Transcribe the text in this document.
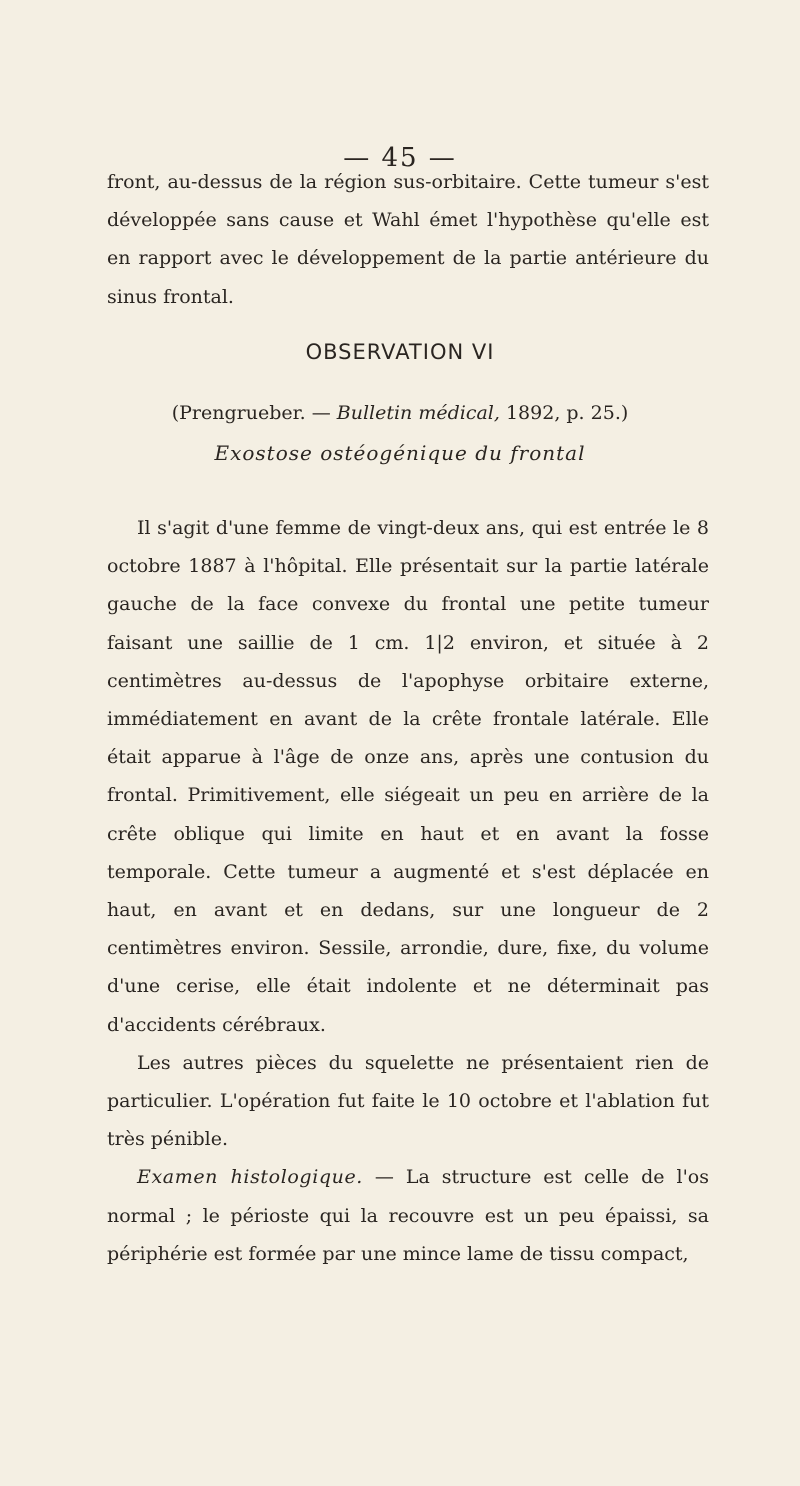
— 45 —

front, au-dessus de la région sus-orbitaire. Cette tumeur s'est développée sans cause et Wahl émet l'hypothèse qu'elle est en rapport avec le développement de la partie antérieure du sinus frontal.

OBSERVATION VI
(Prengrueber. — Bulletin médical, 1892, p. 25.)
Exostose ostéogénique du frontal

Il s'agit d'une femme de vingt-deux ans, qui est entrée le 8 octobre 1887 à l'hôpital. Elle présentait sur la partie latérale gauche de la face convexe du frontal une petite tumeur faisant une saillie de 1 cm. 1|2 environ, et située à 2 centimètres au-dessus de l'apophyse orbitaire externe, immédiatement en avant de la crête frontale latérale. Elle était apparue à l'âge de onze ans, après une contusion du frontal. Primitivement, elle siégeait un peu en arrière de la crête oblique qui limite en haut et en avant la fosse temporale. Cette tumeur a augmenté et s'est déplacée en haut, en avant et en dedans, sur une longueur de 2 centimètres environ. Sessile, arrondie, dure, fixe, du volume d'une cerise, elle était indolente et ne déterminait pas d'accidents cérébraux.

Les autres pièces du squelette ne présentaient rien de particulier. L'opération fut faite le 10 octobre et l'ablation fut très pénible.

Examen histologique. — La structure est celle de l'os normal ; le périoste qui la recouvre est un peu épaissi, sa périphérie est formée par une mince lame de tissu compact,
